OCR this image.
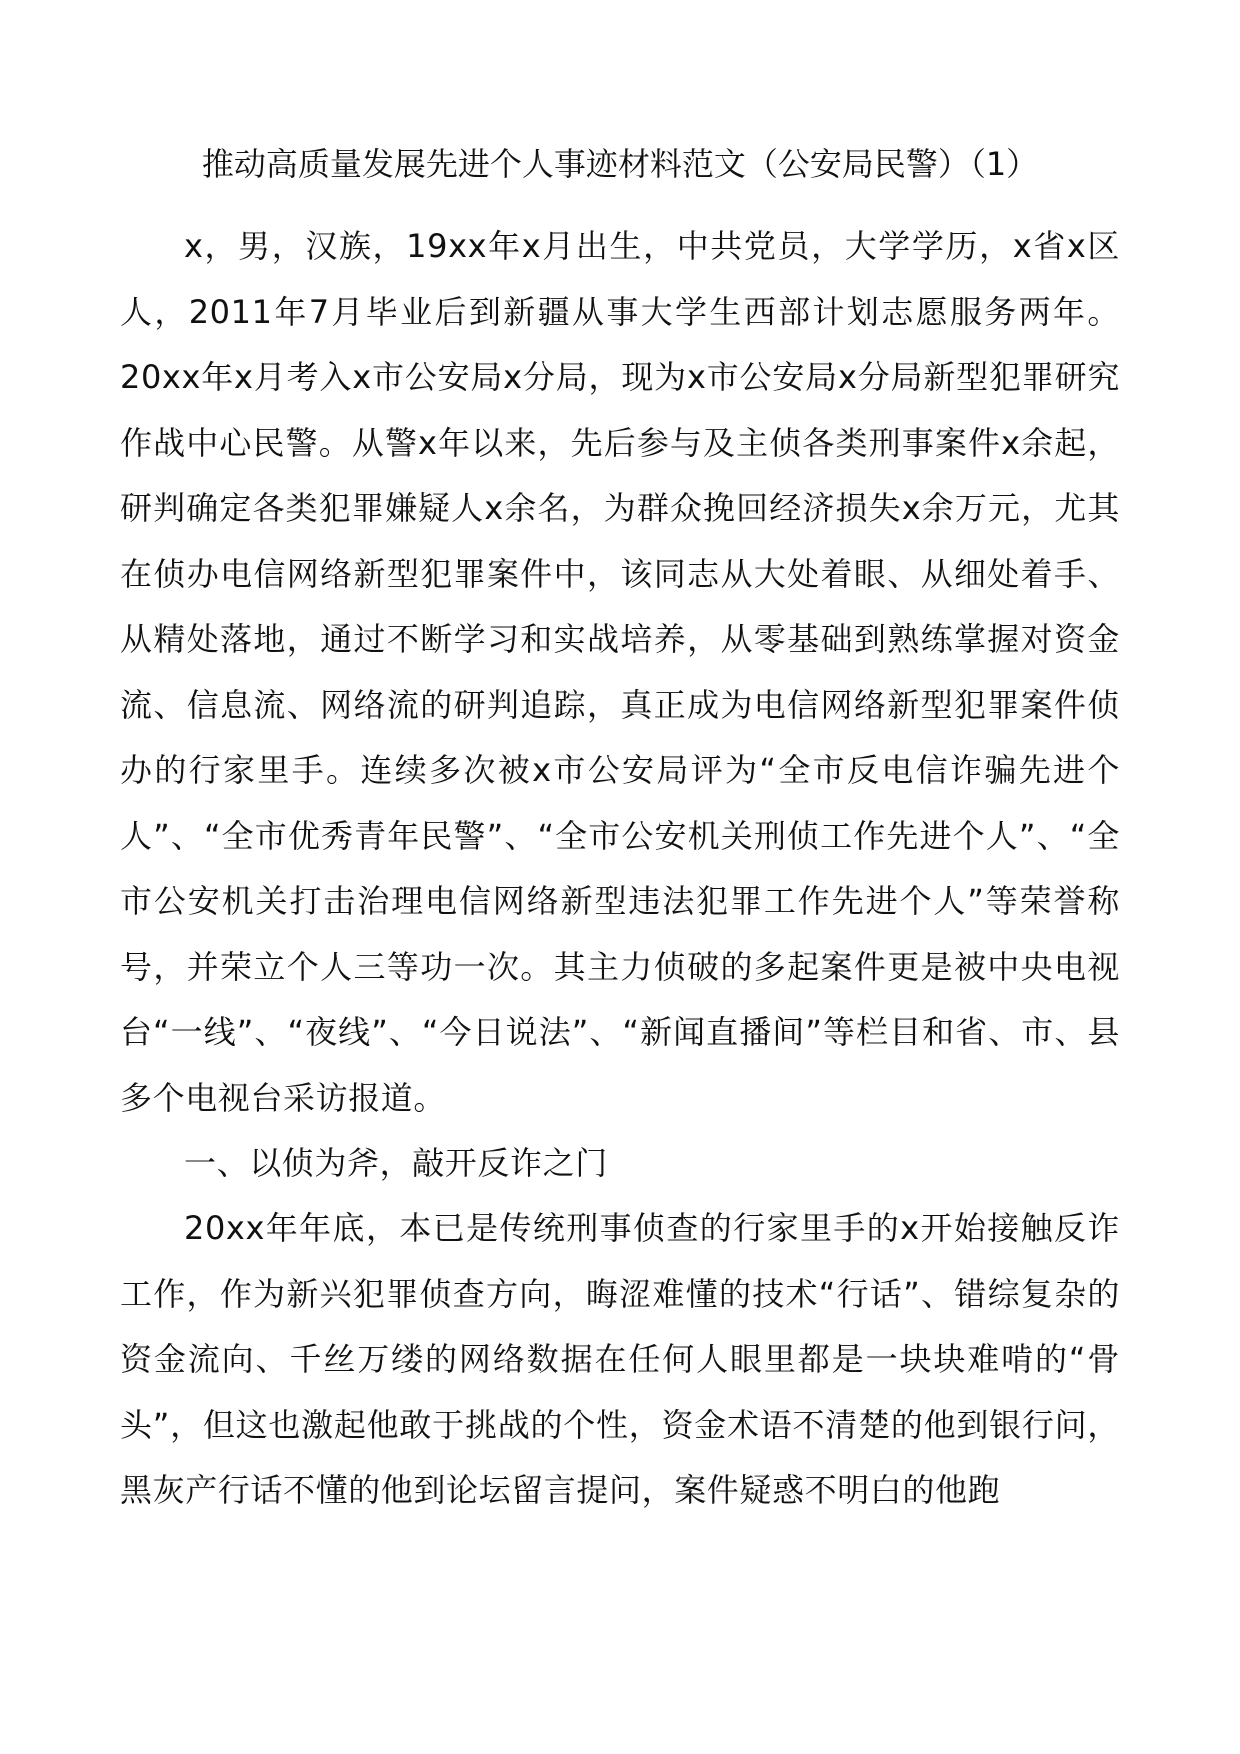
推动高质量发展先进个人事迹材料范文（公安局民警）（1）
x，男，汉族，19xx年x月出生，中共党员，大学学历，x省x区人，2011年7月毕业后到新疆从事大学生西部计划志愿服务两年。20xx年x月考入x市公安局x分局，现为x市公安局x分局新型犯罪研究作战中心民警。从警x年以来，先后参与及主侦各类刑事案件x余起，研判确定各类犯罪嫌疑人x余名，为群众挽回经济损失x余万元，尤其在侦办电信网络新型犯罪案件中，该同志从大处着眼、从细处着手、从精处落地，通过不断学习和实战培养，从零基础到熟练掌握对资金流、信息流、网络流的研判追踪，真正成为电信网络新型犯罪案件侦办的行家里手。连续多次被x市公安局评为“全市反电信诈骗先进个人”、“全市优秀青年民警”、“全市公安机关刑侦工作先进个人”、“全市公安机关打击治理电信网络新型违法犯罪工作先进个人”等荣誉称号，并荣立个人三等功一次。其主力侦破的多起案件更是被中央电视台“一线”、“夜线”、“今日说法”、“新闻直播间”等栏目和省、市、县多个电视台采访报道。
一、以侦为斧，敲开反诈之门
20xx年年底，本已是传统刑事侦查的行家里手的x开始接触反诈工作，作为新兴犯罪侦查方向，晦涩难懂的技术“行话”、错综复杂的资金流向、千丝万缕的网络数据在任何人眼里都是一块块难啃的“骨头”，但这也激起他敢于挑战的个性，资金术语不清楚的他到银行问，黑灰产行话不懂的他到论坛留言提问，案件疑惑不明白的他跑
